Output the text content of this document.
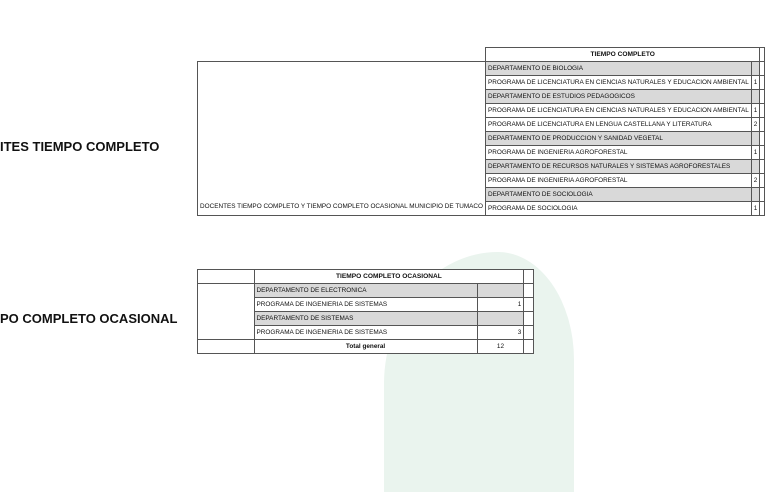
ITES TIEMPO COMPLETO
PO COMPLETO OCASIONAL
	TIEMPO COMPLETO		
DOCENTES TIEMPO COMPLETO Y TIEMPO COMPLETO OCASIONAL MUNICIPIO DE TUMACO	DEPARTAMENTO DE BIOLOGIA		
	PROGRAMA DE LICENCIATURA EN CIENCIAS NATURALES Y EDUCACION AMBIENTAL	1	
	DEPARTAMENTO DE ESTUDIOS PEDAGOGICOS		
	PROGRAMA DE LICENCIATURA EN CIENCIAS NATURALES Y EDUCACION AMBIENTAL	1	
	PROGRAMA DE LICENCIATURA EN LENGUA CASTELLANA Y LITERATURA	2	
	DEPARTAMENTO DE PRODUCCION Y SANIDAD VEGETAL		
	PROGRAMA DE INGENIERIA AGROFORESTAL	1	
	DEPARTAMENTO DE RECURSOS NATURALES Y SISTEMAS AGROFORESTALES		
	PROGRAMA DE INGENIERIA AGROFORESTAL	2	
	DEPARTAMENTO DE SOCIOLOGIA		
	PROGRAMA DE SOCIOLOGIA	1	
	TIEMPO COMPLETO OCASIONAL		
	DEPARTAMENTO DE ELECTRONICA		
	PROGRAMA DE INGENIERIA DE SISTEMAS	1	
	DEPARTAMENTO DE SISTEMAS		
	PROGRAMA DE INGENIERIA DE SISTEMAS	3	
	Total general	12	
